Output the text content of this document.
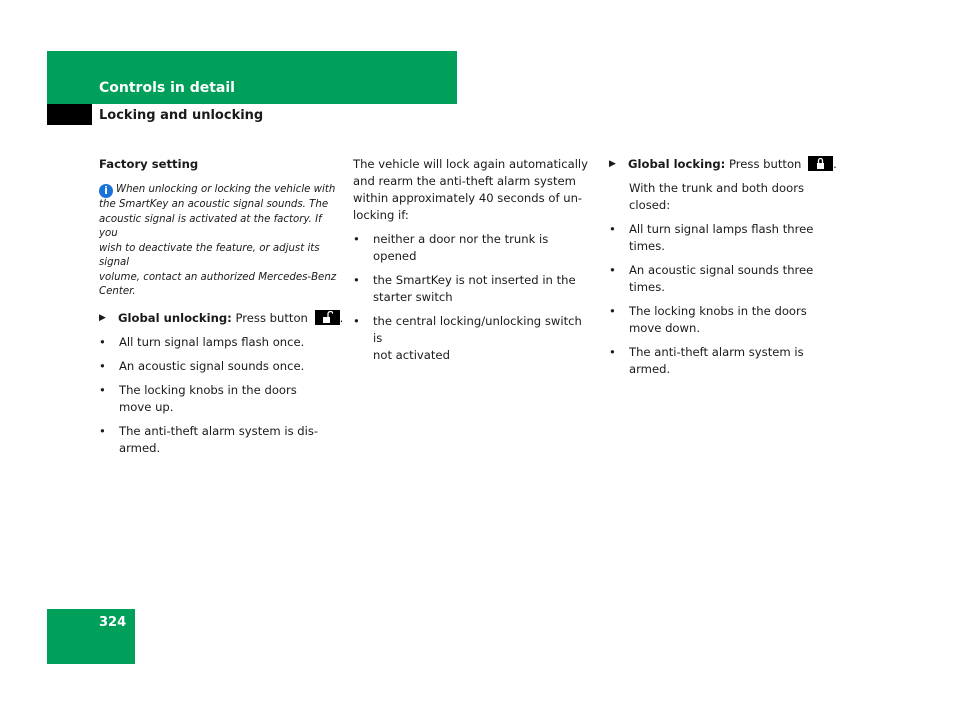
Controls in detail
Locking and unlocking

Factory setting

i When unlocking or locking the vehicle with
the SmartKey an acoustic signal sounds. The
acoustic signal is activated at the factory. If you
wish to deactivate the feature, or adjust its signal
volume, contact an authorized Mercedes-Benz
Center.
▶ Global unlocking: Press button	.
• All turn signal lamps flash once.
• An acoustic signal sounds once.
• The locking knobs in the doors
move up.
• The anti-theft alarm system is dis-
armed.

The vehicle will lock again automatically
and rearm the anti-theft alarm system
within approximately 40 seconds of un-
locking if:

• neither a door nor the trunk is opened
• the SmartKey is not inserted in the
starter switch
• the central locking/unlocking switch is
not activated
▶ Global locking: Press button	.

With the trunk and both doors closed:

• All turn signal lamps flash three
times.
• An acoustic signal sounds three
times.
• The locking knobs in the doors
move down.
• The anti-theft alarm system is
armed.
324
